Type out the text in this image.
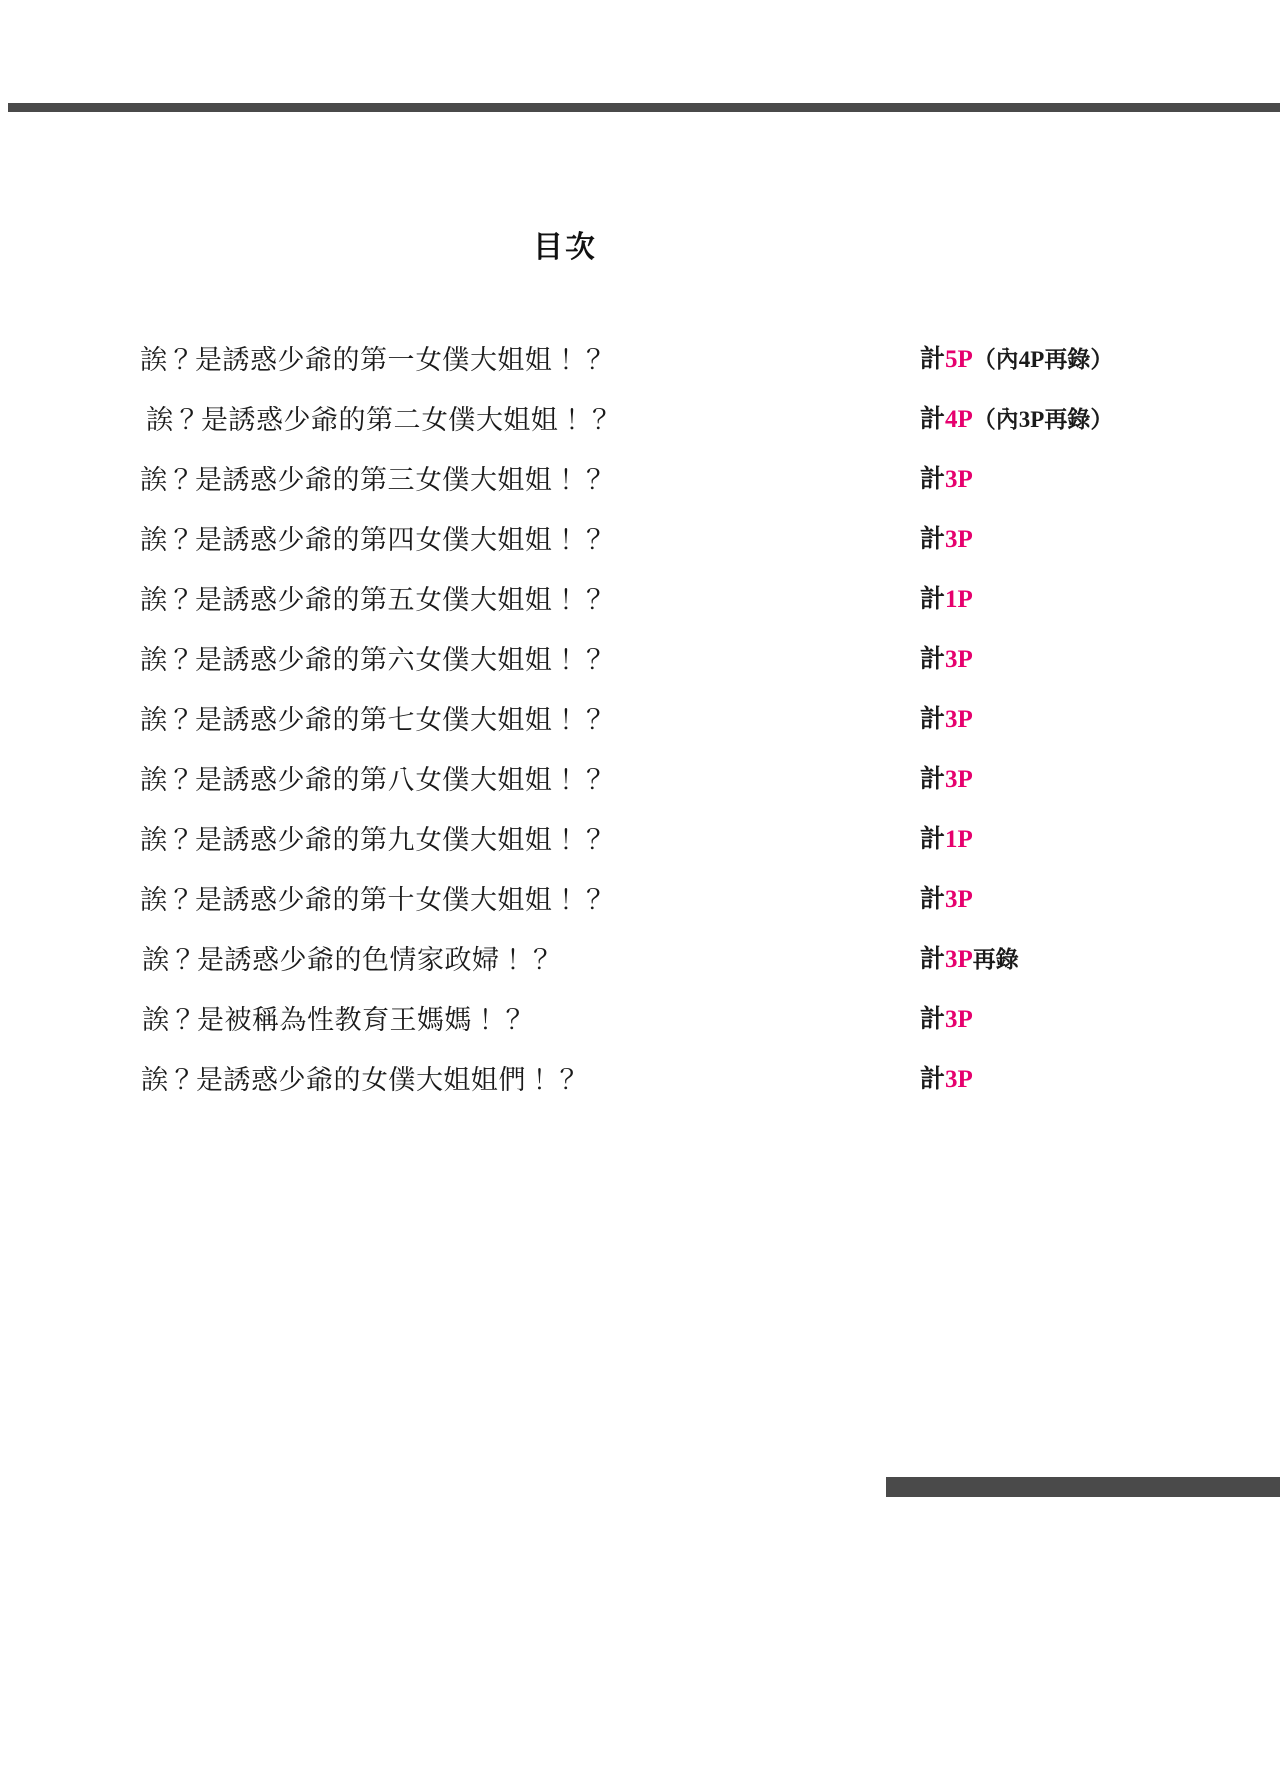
目次
誒？是誘惑少爺的第一女僕大姐姐！？	計5P（內4P再錄）
誒？是誘惑少爺的第二女僕大姐姐！？	計4P（內3P再錄）
誒？是誘惑少爺的第三女僕大姐姐！？	計3P
誒？是誘惑少爺的第四女僕大姐姐！？	計3P
誒？是誘惑少爺的第五女僕大姐姐！？	計1P
誒？是誘惑少爺的第六女僕大姐姐！？	計3P
誒？是誘惑少爺的第七女僕大姐姐！？	計3P
誒？是誘惑少爺的第八女僕大姐姐！？	計3P
誒？是誘惑少爺的第九女僕大姐姐！？	計1P
誒？是誘惑少爺的第十女僕大姐姐！？	計3P
誒？是誘惑少爺的色情家政婦！？	計3P再錄
誒？是被稱為性教育王媽媽！？	計3P
誒？是誘惑少爺的女僕大姐姐們！？	計3P
